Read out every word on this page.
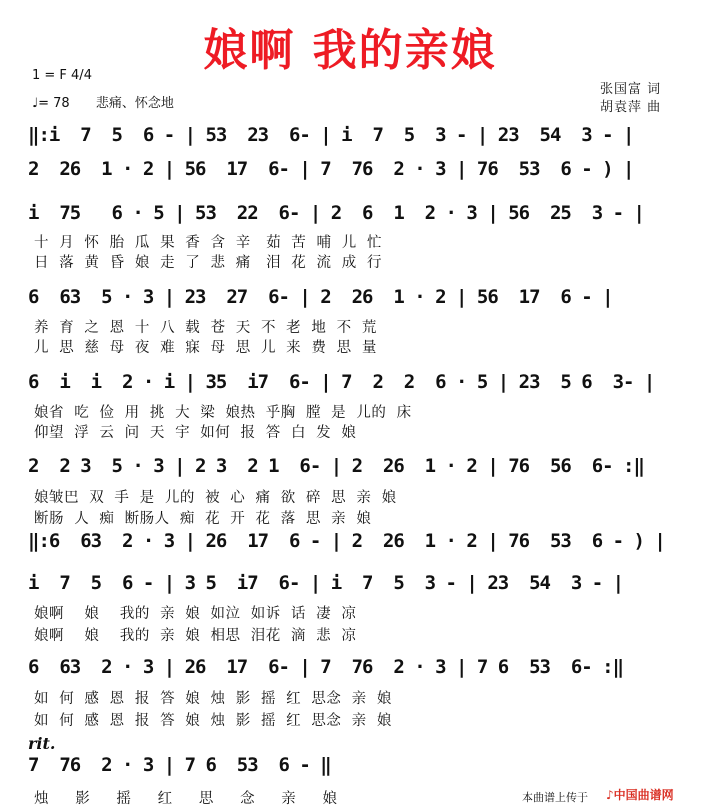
娘啊 我的亲娘
1 = F 4/4
♩= 78 悲痛、怀念地
张国富 词
胡袁萍 曲
‖:i  7  5  6 - | 53  23  6- | i  7  5  3 - | 23  54  3 - |
2  26  1 · 2 | 56  17  6- | 7  76  2 · 3 | 76  53  6 - ) |
i  75   6 · 5 | 53  22  6- | 2  6  1  2 · 3 | 56  25  3 - |
十  月  怀  胎  瓜  果  香  含  辛   茹  苦  哺  儿  忙
日  落  黄  昏  娘  走  了  悲  痛   泪  花  流  成  行
6  63  5 · 3 | 23  27  6- | 2  26  1 · 2 | 56  17  6 - |
养  育  之  恩  十  八  载  苍  天  不  老  地  不  荒
儿  思  慈  母  夜  难  寐  母  思  儿  来  费  思  量
6  i  i  2 · i | 35  i7  6- | 7  2  2  6 · 5 | 23  5 6  3- |
娘省  吃  俭  用  挑  大  梁  娘热  乎胸  膛  是  儿的  床
仰望  浮  云  问  天  宇  如何  报  答  白  发  娘
2  2 3  5 · 3 | 2 3  2 1  6- | 2  26  1 · 2 | 76  56  6- :‖
娘皱巴  双  手  是  儿的  被  心  痛  欲  碎  思  亲  娘
断肠  人  痴  断肠人  痴  花  开  花  落  思  亲  娘
‖:6  63  2 · 3 | 26  17  6 - | 2  26  1 · 2 | 76  53  6 - ) |
i  7  5  6 - | 3 5  i7  6- | i  7  5  3 - | 23  54  3 - |
娘啊    娘    我的  亲  娘  如泣  如诉  话  凄  凉
娘啊    娘    我的  亲  娘  相思  泪花  滴  悲  凉
6  63  2 · 3 | 26  17  6- | 7  76  2 · 3 | 7 6  53  6- :‖
如  何  感  恩  报  答  娘  烛  影  摇  红  思念  亲  娘
如  何  感  恩  报  答  娘  烛  影  摇  红  思念  亲  娘
rit.
7  76  2 · 3 | 7 6  53  6 - ‖
烛  影  摇  红  思  念  亲  娘	本曲谱上传于 ♪中国曲谱网
